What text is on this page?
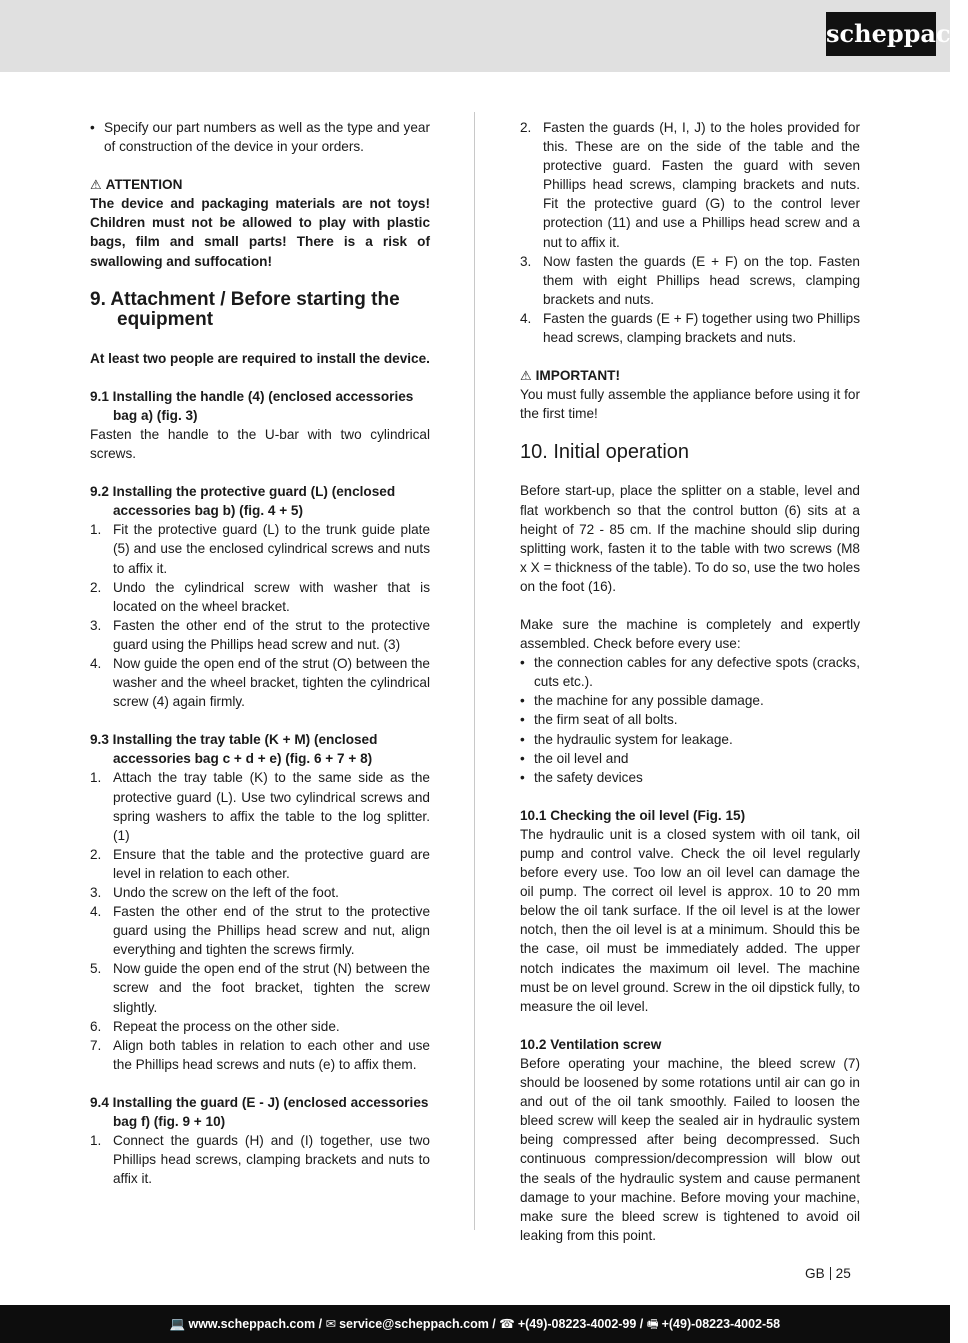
scheppach
• Specify our part numbers as well as the type and year of construction of the device in your orders.

⚠ ATTENTION

The device and packaging materials are not toys! Children must not be allowed to play with plastic bags, film and small parts! There is a risk of swallowing and suffocation!

9. Attachment / Before starting the equipment

At least two people are required to install the device.

9.1 Installing the handle (4) (enclosed accessories bag a) (fig. 3)

Fasten the handle to the U-bar with two cylindrical screws.

9.2 Installing the protective guard (L) (enclosed accessories bag b) (fig. 4 + 5)

1. Fit the protective guard (L) to the trunk guide plate (5) and use the enclosed cylindrical screws and nuts to affix it.
2. Undo the cylindrical screw with washer that is located on the wheel bracket.
3. Fasten the other end of the strut to the protective guard using the Phillips head screw and nut. (3)
4. Now guide the open end of the strut (O) between the washer and the wheel bracket, tighten the cylindrical screw (4) again firmly.

9.3 Installing the tray table (K + M) (enclosed accessories bag c + d + e) (fig. 6 + 7 + 8)

1. Attach the tray table (K) to the same side as the protective guard (L). Use two cylindrical screws and spring washers to affix the table to the log splitter. (1)
2. Ensure that the table and the protective guard are level in relation to each other.
3. Undo the screw on the left of the foot.
4. Fasten the other end of the strut to the protective guard using the Phillips head screw and nut, align everything and tighten the screws firmly.
5. Now guide the open end of the strut (N) between the screw and the foot bracket, tighten the screw slightly.
6. Repeat the process on the other side.
7. Align both tables in relation to each other and use the Phillips head screws and nuts (e) to affix them.

9.4 Installing the guard (E - J) (enclosed accessories bag f) (fig. 9 + 10)

1. Connect the guards (H) and (I) together, use two Phillips head screws, clamping brackets and nuts to affix it.
2. Fasten the guards (H, I, J) to the holes provided for this. These are on the side of the table and the protective guard. Fasten the guard with seven Phillips head screws, clamping brackets and nuts. Fit the protective guard (G) to the control lever protection (11) and use a Phillips head screw and a nut to affix it.
3. Now fasten the guards (E + F) on the top. Fasten them with eight Phillips head screws, clamping brackets and nuts.
4. Fasten the guards (E + F) together using two Phillips head screws, clamping brackets and nuts.

⚠ IMPORTANT!

You must fully assemble the appliance before using it for the first time!

10. Initial operation

Before start-up, place the splitter on a stable, level and flat workbench so that the control button (6) sits at a height of 72 - 85 cm. If the machine should slip during splitting work, fasten it to the table with two screws (M8 x X = thickness of the table). To do so, use the two holes on the foot (16).

Make sure the machine is completely and expertly assembled. Check before every use:

• the connection cables for any defective spots (cracks, cuts etc.).
• the machine for any possible damage.
• the firm seat of all bolts.
• the hydraulic system for leakage.
• the oil level and
• the safety devices

10.1 Checking the oil level (Fig. 15)

The hydraulic unit is a closed system with oil tank, oil pump and control valve. Check the oil level regularly before every use. Too low an oil level can damage the oil pump. The correct oil level is approx. 10 to 20 mm below the oil tank surface. If the oil level is at the lower notch, then the oil level is at a minimum. Should this be the case, oil must be immediately added. The upper notch indicates the maximum oil level. The machine must be on level ground. Screw in the oil dipstick fully, to measure the oil level.

10.2 Ventilation screw

Before operating your machine, the bleed screw (7) should be loosened by some rotations until air can go in and out of the oil tank smoothly. Failed to loosen the bleed screw will keep the sealed air in hydraulic system being compressed after being decompressed. Such continuous compression/decompression will blow out the seals of the hydraulic system and cause permanent damage to your machine. Before moving your machine, make sure the bleed screw is tightened to avoid oil leaking from this point.

GB 25
💻 www.scheppach.com / ✉ service@scheppach.com / ☎ +(49)-08223-4002-99 / 🖷 +(49)-08223-4002-58
